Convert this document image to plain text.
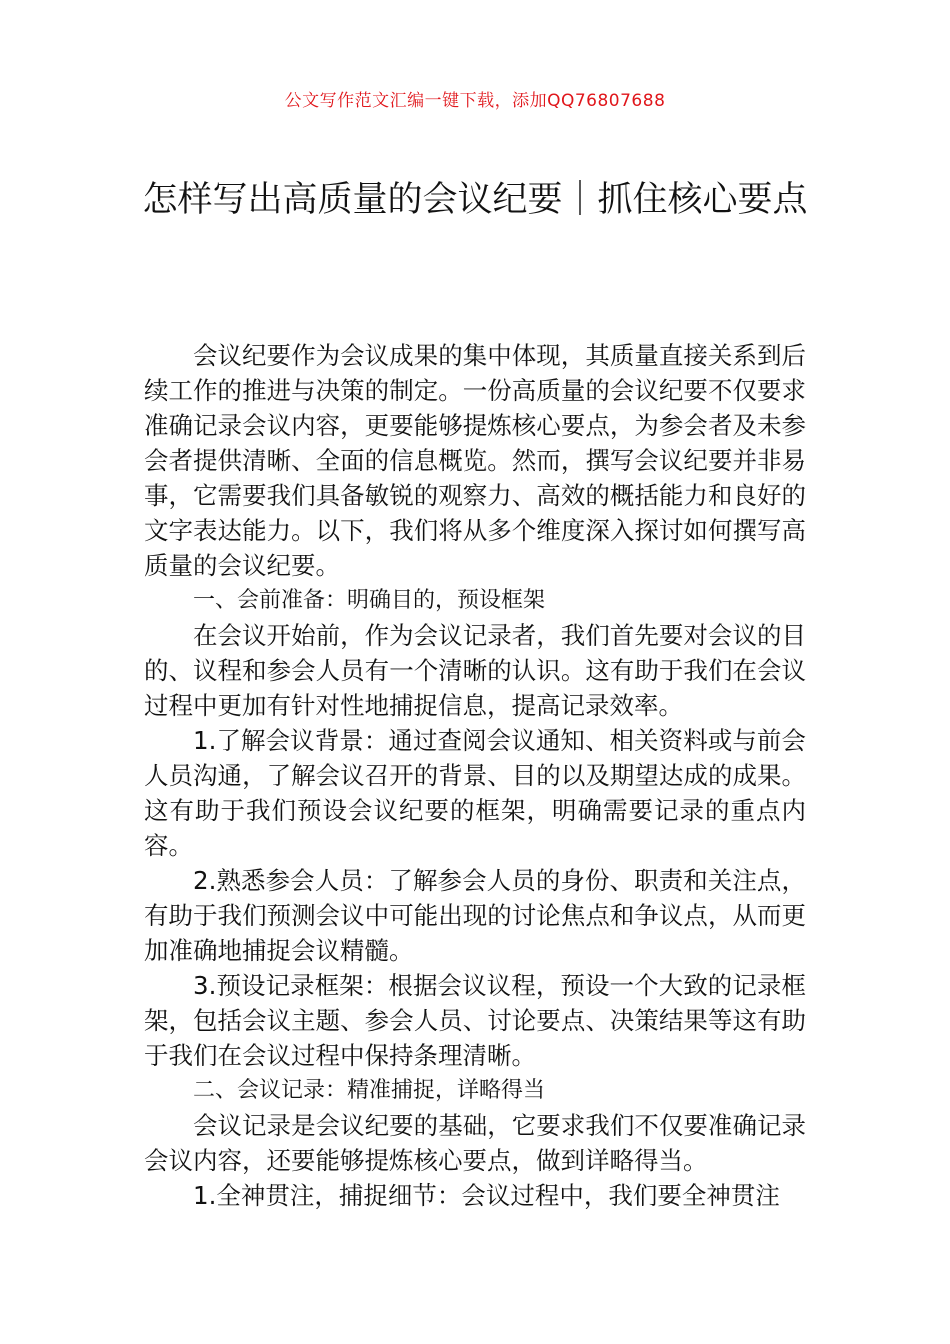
公文写作范文汇编一键下载，添加QQ76807688
怎样写出高质量的会议纪要｜抓住核心要点

会议纪要作为会议成果的集中体现，其质量直接关系到后续工作的推进与决策的制定。一份高质量的会议纪要不仅要求准确记录会议内容，更要能够提炼核心要点，为参会者及未参会者提供清晰、全面的信息概览。然而，撰写会议纪要并非易事，它需要我们具备敏锐的观察力、高效的概括能力和良好的文字表达能力。以下，我们将从多个维度深入探讨如何撰写高质量的会议纪要。

一、会前准备：明确目的，预设框架

在会议开始前，作为会议记录者，我们首先要对会议的目的、议程和参会人员有一个清晰的认识。这有助于我们在会议过程中更加有针对性地捕捉信息，提高记录效率。

1.了解会议背景：通过查阅会议通知、相关资料或与前会人员沟通，了解会议召开的背景、目的以及期望达成的成果。这有助于我们预设会议纪要的框架，明确需要记录的重点内容。

2.熟悉参会人员：了解参会人员的身份、职责和关注点，有助于我们预测会议中可能出现的讨论焦点和争议点，从而更加准确地捕捉会议精髓。

3.预设记录框架：根据会议议程，预设一个大致的记录框架，包括会议主题、参会人员、讨论要点、决策结果等这有助于我们在会议过程中保持条理清晰。

二、会议记录：精准捕捉，详略得当

会议记录是会议纪要的基础，它要求我们不仅要准确记录会议内容，还要能够提炼核心要点，做到详略得当。

1.全神贯注，捕捉细节：会议过程中，我们要全神贯注
